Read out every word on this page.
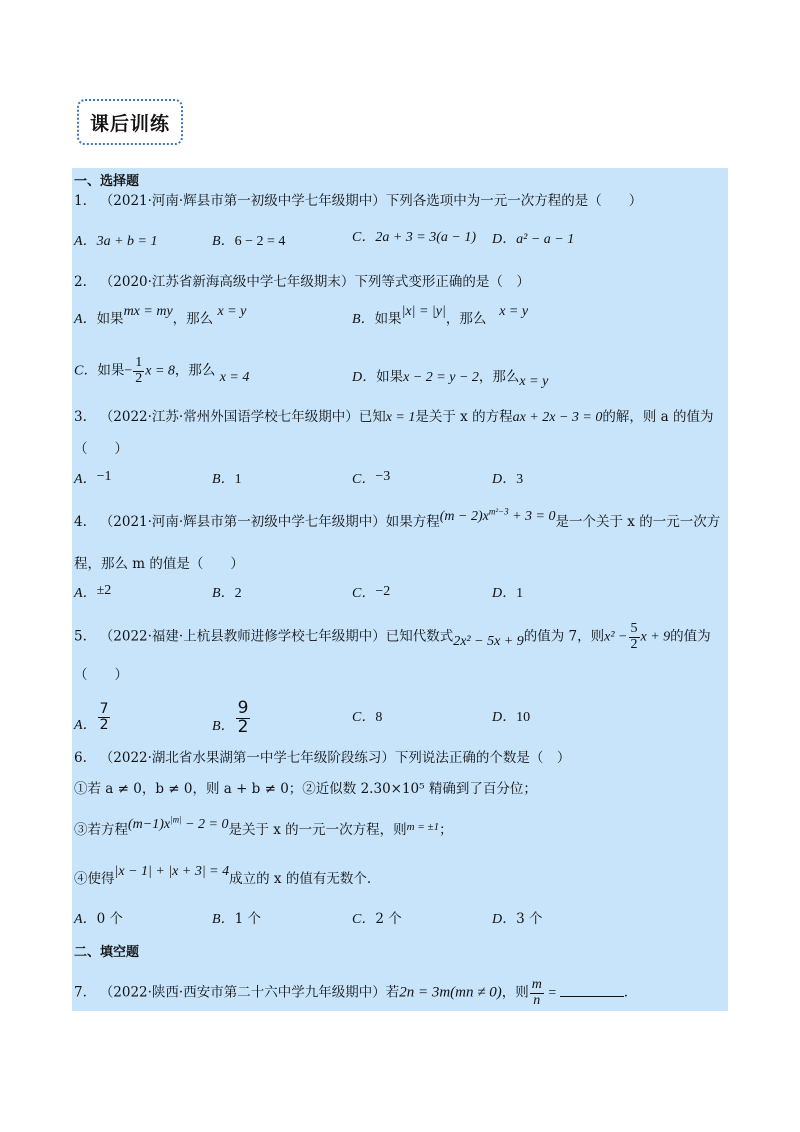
课后训练
一、选择题
1. （2021·河南·辉县市第一初级中学七年级期中）下列各选项中为一元一次方程的是（　　）
A．3a + b = 1	B．6 − 2 = 4	C．2a + 3 = 3(a − 1) D．a² − a − 1
2. （2020·江苏省新海高级中学七年级期末）下列等式变形正确的是（　）
A．如果mx = my，那么 x = y
B．如果|x| = |y|，那么 x = y
C．如果− $\frac{1}{2}$ x = 8，那么 x = 4	D．如果x − 2 = y − 2，那么x = y
3. （2022·江苏·常州外国语学校七年级期中）已知x = 1是关于 x 的方程ax + 2x − 3 = 0的解，则 a 的值为
（　　）
A．−1	B．1	C．−3	D．3
4. （2021·河南·辉县市第一初级中学七年级期中）如果方程$(m - 2)x^{m^2-3} + 3 = 0$是一个关于 x 的一元一次方
程，那么 m 的值是（　　）
A．±2	B．2	C．−2	D．1
5. （2022·福建·上杭县教师进修学校七年级期中）已知代数式2x² − 5x + 9的值为 7，则$x^2 - \frac{5}{2}$ x + 9的值为
（　　）
A． $\frac{7}{2}$	B． $\frac{9}{2}$	C．8	D．10
6. （2022·湖北省水果湖第一中学七年级阶段练习）下列说法正确的个数是（　）
①若 a ≠ 0，b ≠ 0，则 a + b ≠ 0；②近似数 2.30×10⁵ 精确到了百分位；
③若方程$(m-1)x^{|m|} - 2 = 0$是关于 x 的一元一次方程，则$^{m = \pm 1}$；
④使得|x − 1| + |x + 3| = 4成立的 x 的值有无数个.
A．0 个	B．1 个	C．2 个	D．3 个
二、填空题
7. （2022·陕西·西安市第二十六中学九年级期中）若2n = 3m(mn ≠ 0)，则 $\frac{m}{n}$ =	.
